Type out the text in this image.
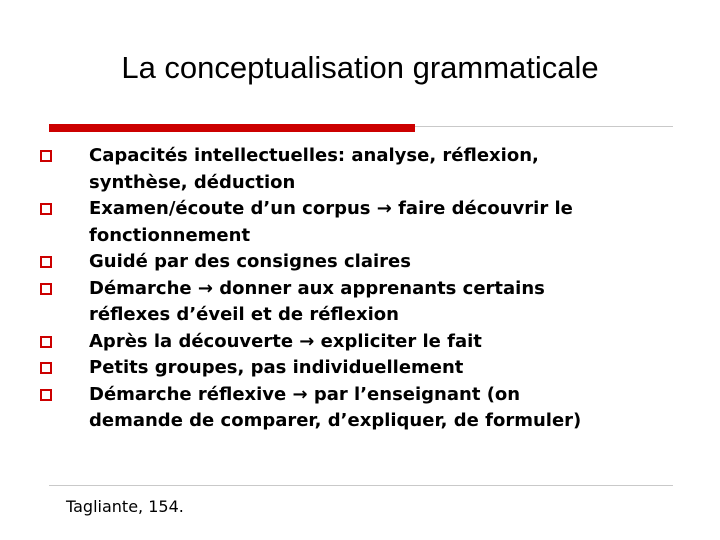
La conceptualisation grammaticale
Capacités intellectuelles: analyse, réflexion,
synthèse, déduction
Examen/écoute d’un corpus → faire découvrir le
fonctionnement
Guidé par des consignes claires
Démarche → donner aux apprenants certains
réflexes d’éveil et de réflexion
Après la découverte → expliciter le fait
Petits groupes, pas individuellement
Démarche réflexive → par l’enseignant (on
demande de comparer, d’expliquer, de formuler)
Tagliante, 154.
